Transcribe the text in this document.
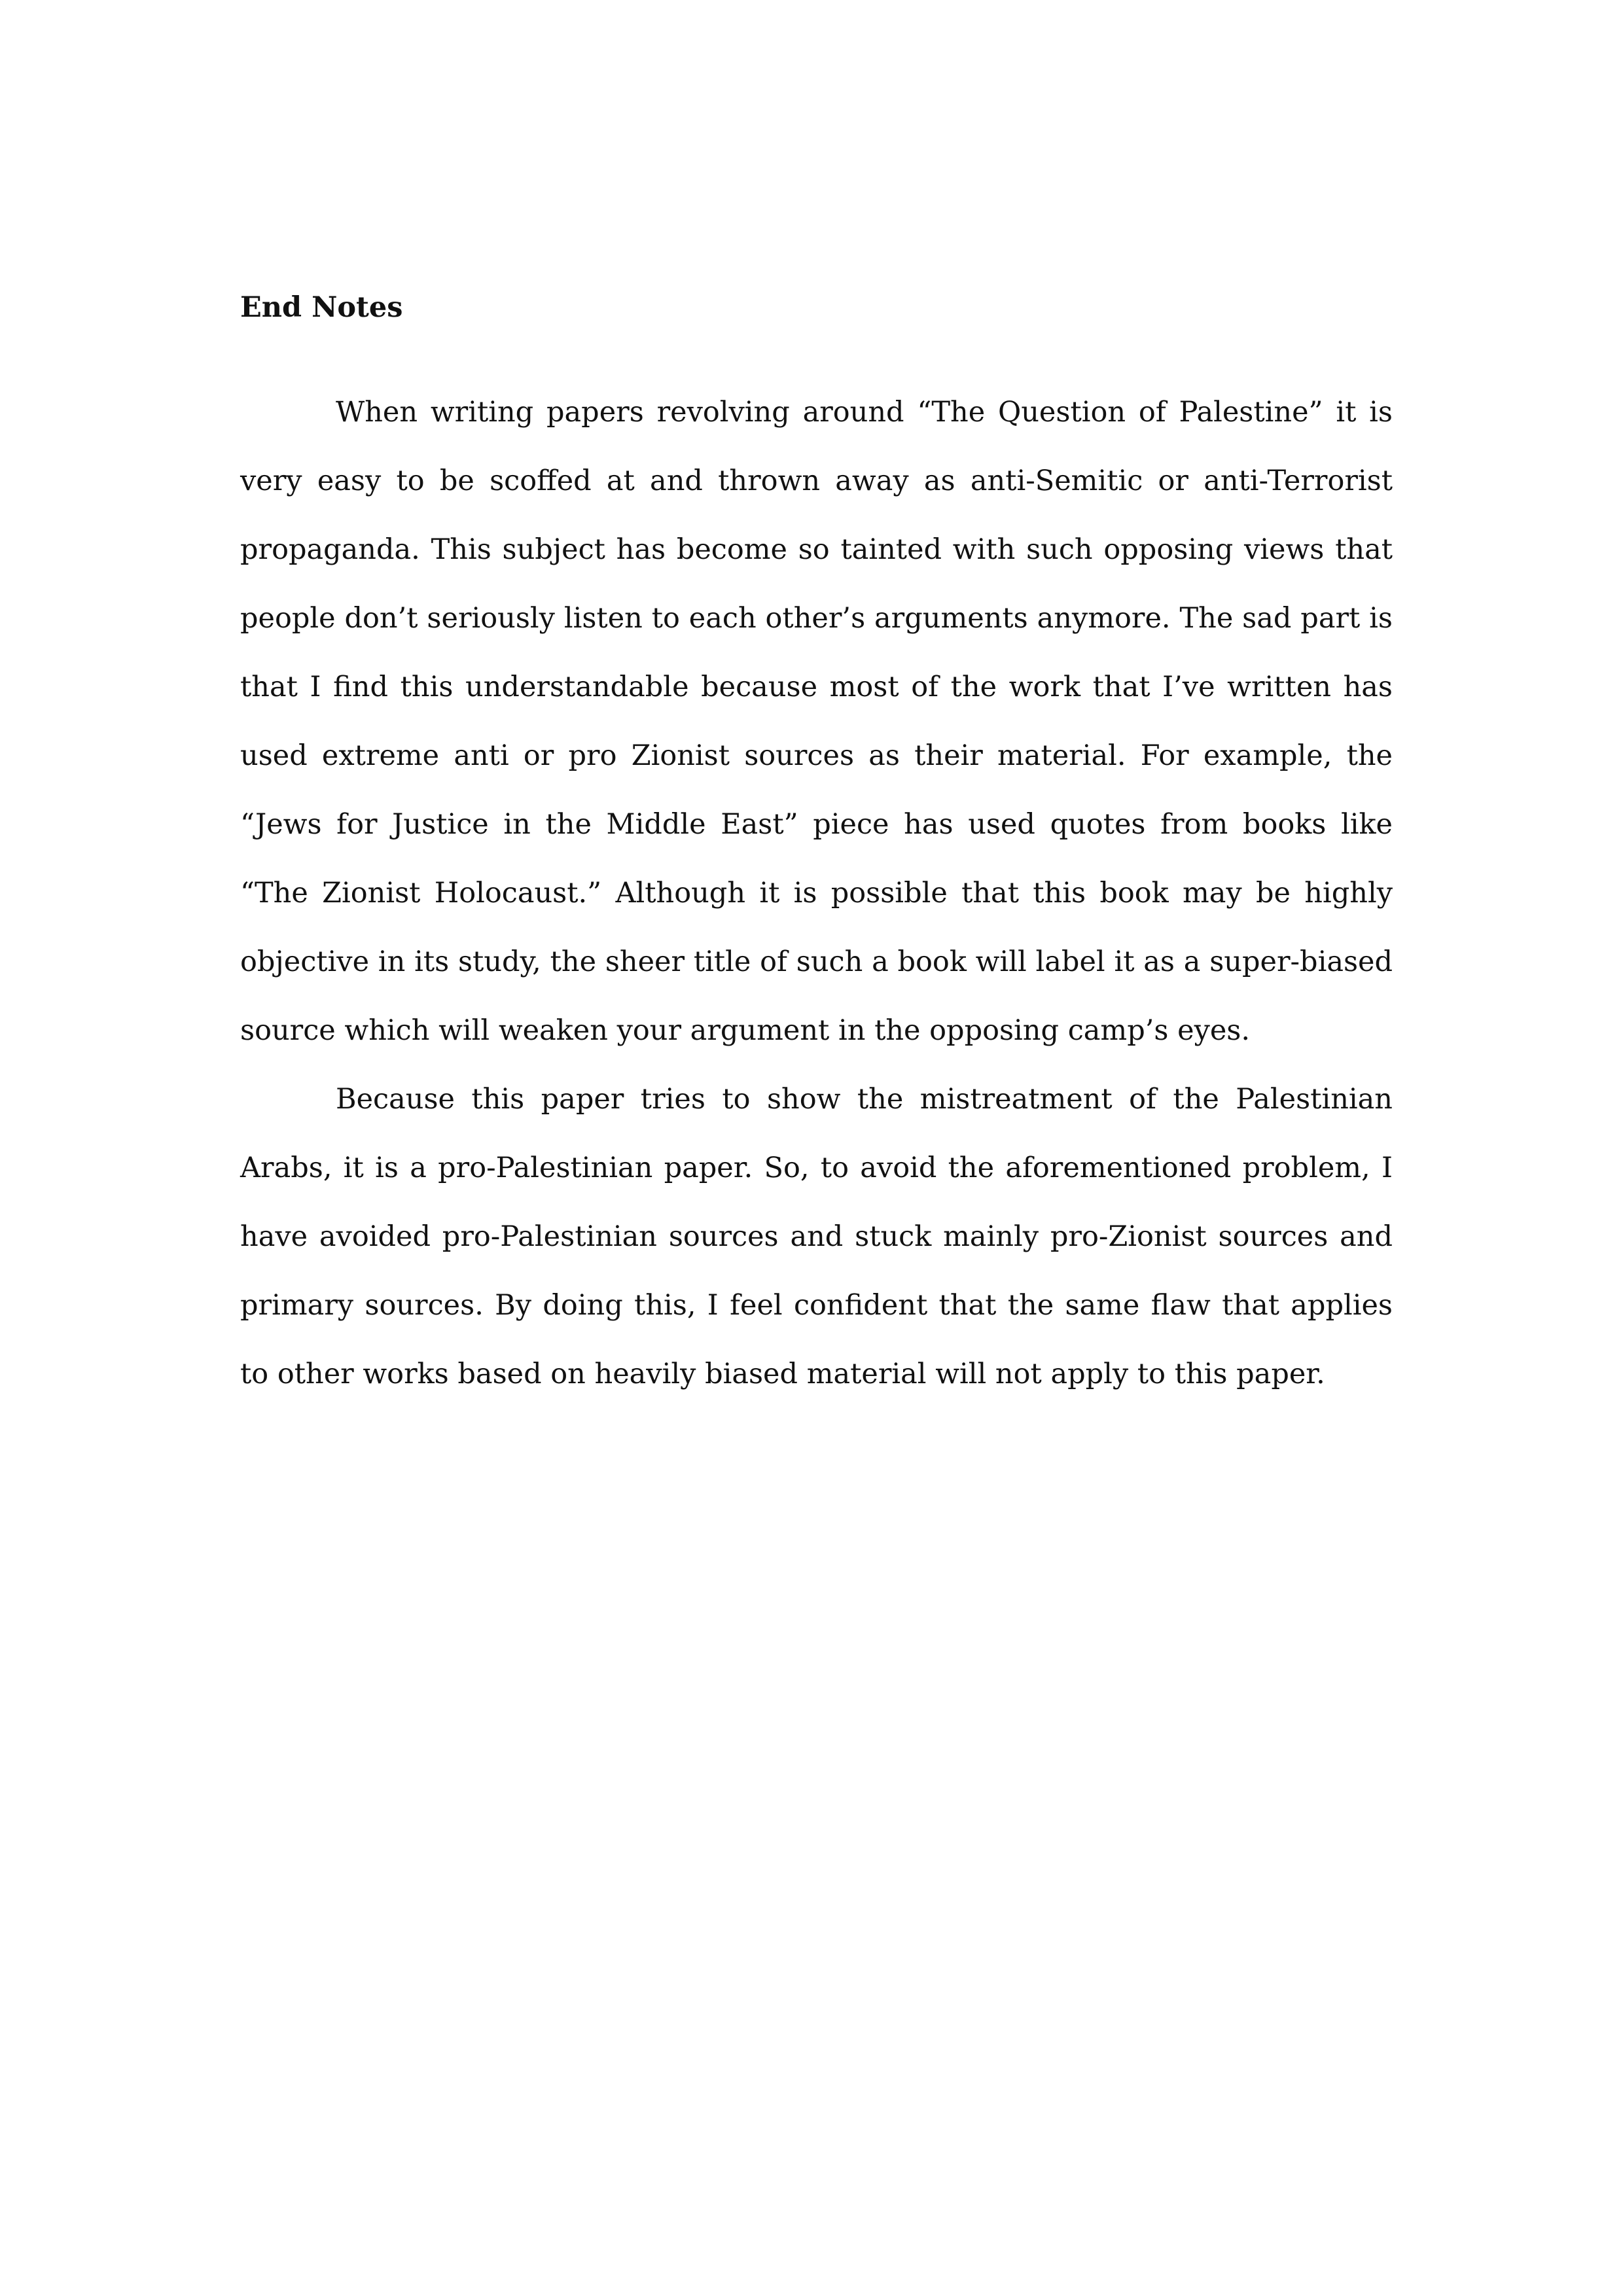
End Notes

When writing papers revolving around “The Question of Palestine” it is very easy to be scoffed at and thrown away as anti-Semitic or anti-Terrorist propaganda. This subject has become so tainted with such opposing views that people don’t seriously listen to each other’s arguments anymore. The sad part is that I find this understandable because most of the work that I’ve written has used extreme anti or pro Zionist sources as their material. For example, the “Jews for Justice in the Middle East” piece has used quotes from books like “The Zionist Holocaust.” Although it is possible that this book may be highly objective in its study, the sheer title of such a book will label it as a super-biased source which will weaken your argument in the opposing camp’s eyes.

Because this paper tries to show the mistreatment of the Palestinian Arabs, it is a pro-Palestinian paper. So, to avoid the aforementioned problem, I have avoided pro-Palestinian sources and stuck mainly pro-Zionist sources and primary sources. By doing this, I feel confident that the same flaw that applies to other works based on heavily biased material will not apply to this paper.
